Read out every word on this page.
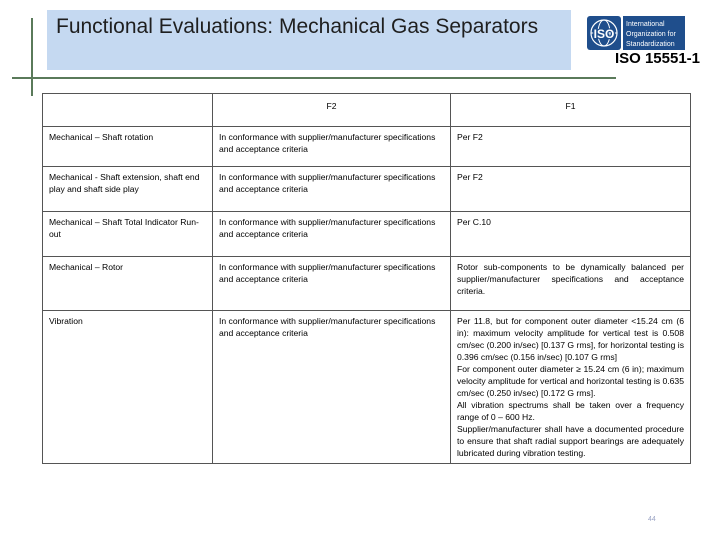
Functional Evaluations: Mechanical Gas Separators	ISO
International
Organization for
Standardization
ISO 15551-1
	F2	F1
Mechanical – Shaft rotation	In conformance with supplier/manufacturer specifications and acceptance criteria	Per F2

Mechanical - Shaft extension, shaft end play and shaft side play	In conformance with supplier/manufacturer specifications and acceptance criteria	Per F2

Mechanical – Shaft Total Indicator Run-out	In conformance with supplier/manufacturer specifications and acceptance criteria	Per C.10

Mechanical – Rotor	In conformance with supplier/manufacturer specifications and acceptance criteria	Rotor sub-components to be dynamically balanced per supplier/manufacturer specifications and acceptance criteria.

Vibration	In conformance with supplier/manufacturer specifications and acceptance criteria	Per 11.8, but for component outer diameter <15.24 cm (6 in): maximum velocity amplitude for vertical test is 0.508 cm/sec (0.200 in/sec) [0.137 G rms], for horizontal testing is 0.396 cm/sec (0.156 in/sec) [0.107 G rms]
For component outer diameter ≥ 15.24 cm (6 in); maximum velocity amplitude for vertical and horizontal testing is 0.635 cm/sec (0.250 in/sec) [0.172 G rms].
All vibration spectrums shall be taken over a frequency range of 0 – 600 Hz.
Supplier/manufacturer shall have a documented procedure to ensure that shaft radial support bearings are adequately lubricated during vibration testing.
44
